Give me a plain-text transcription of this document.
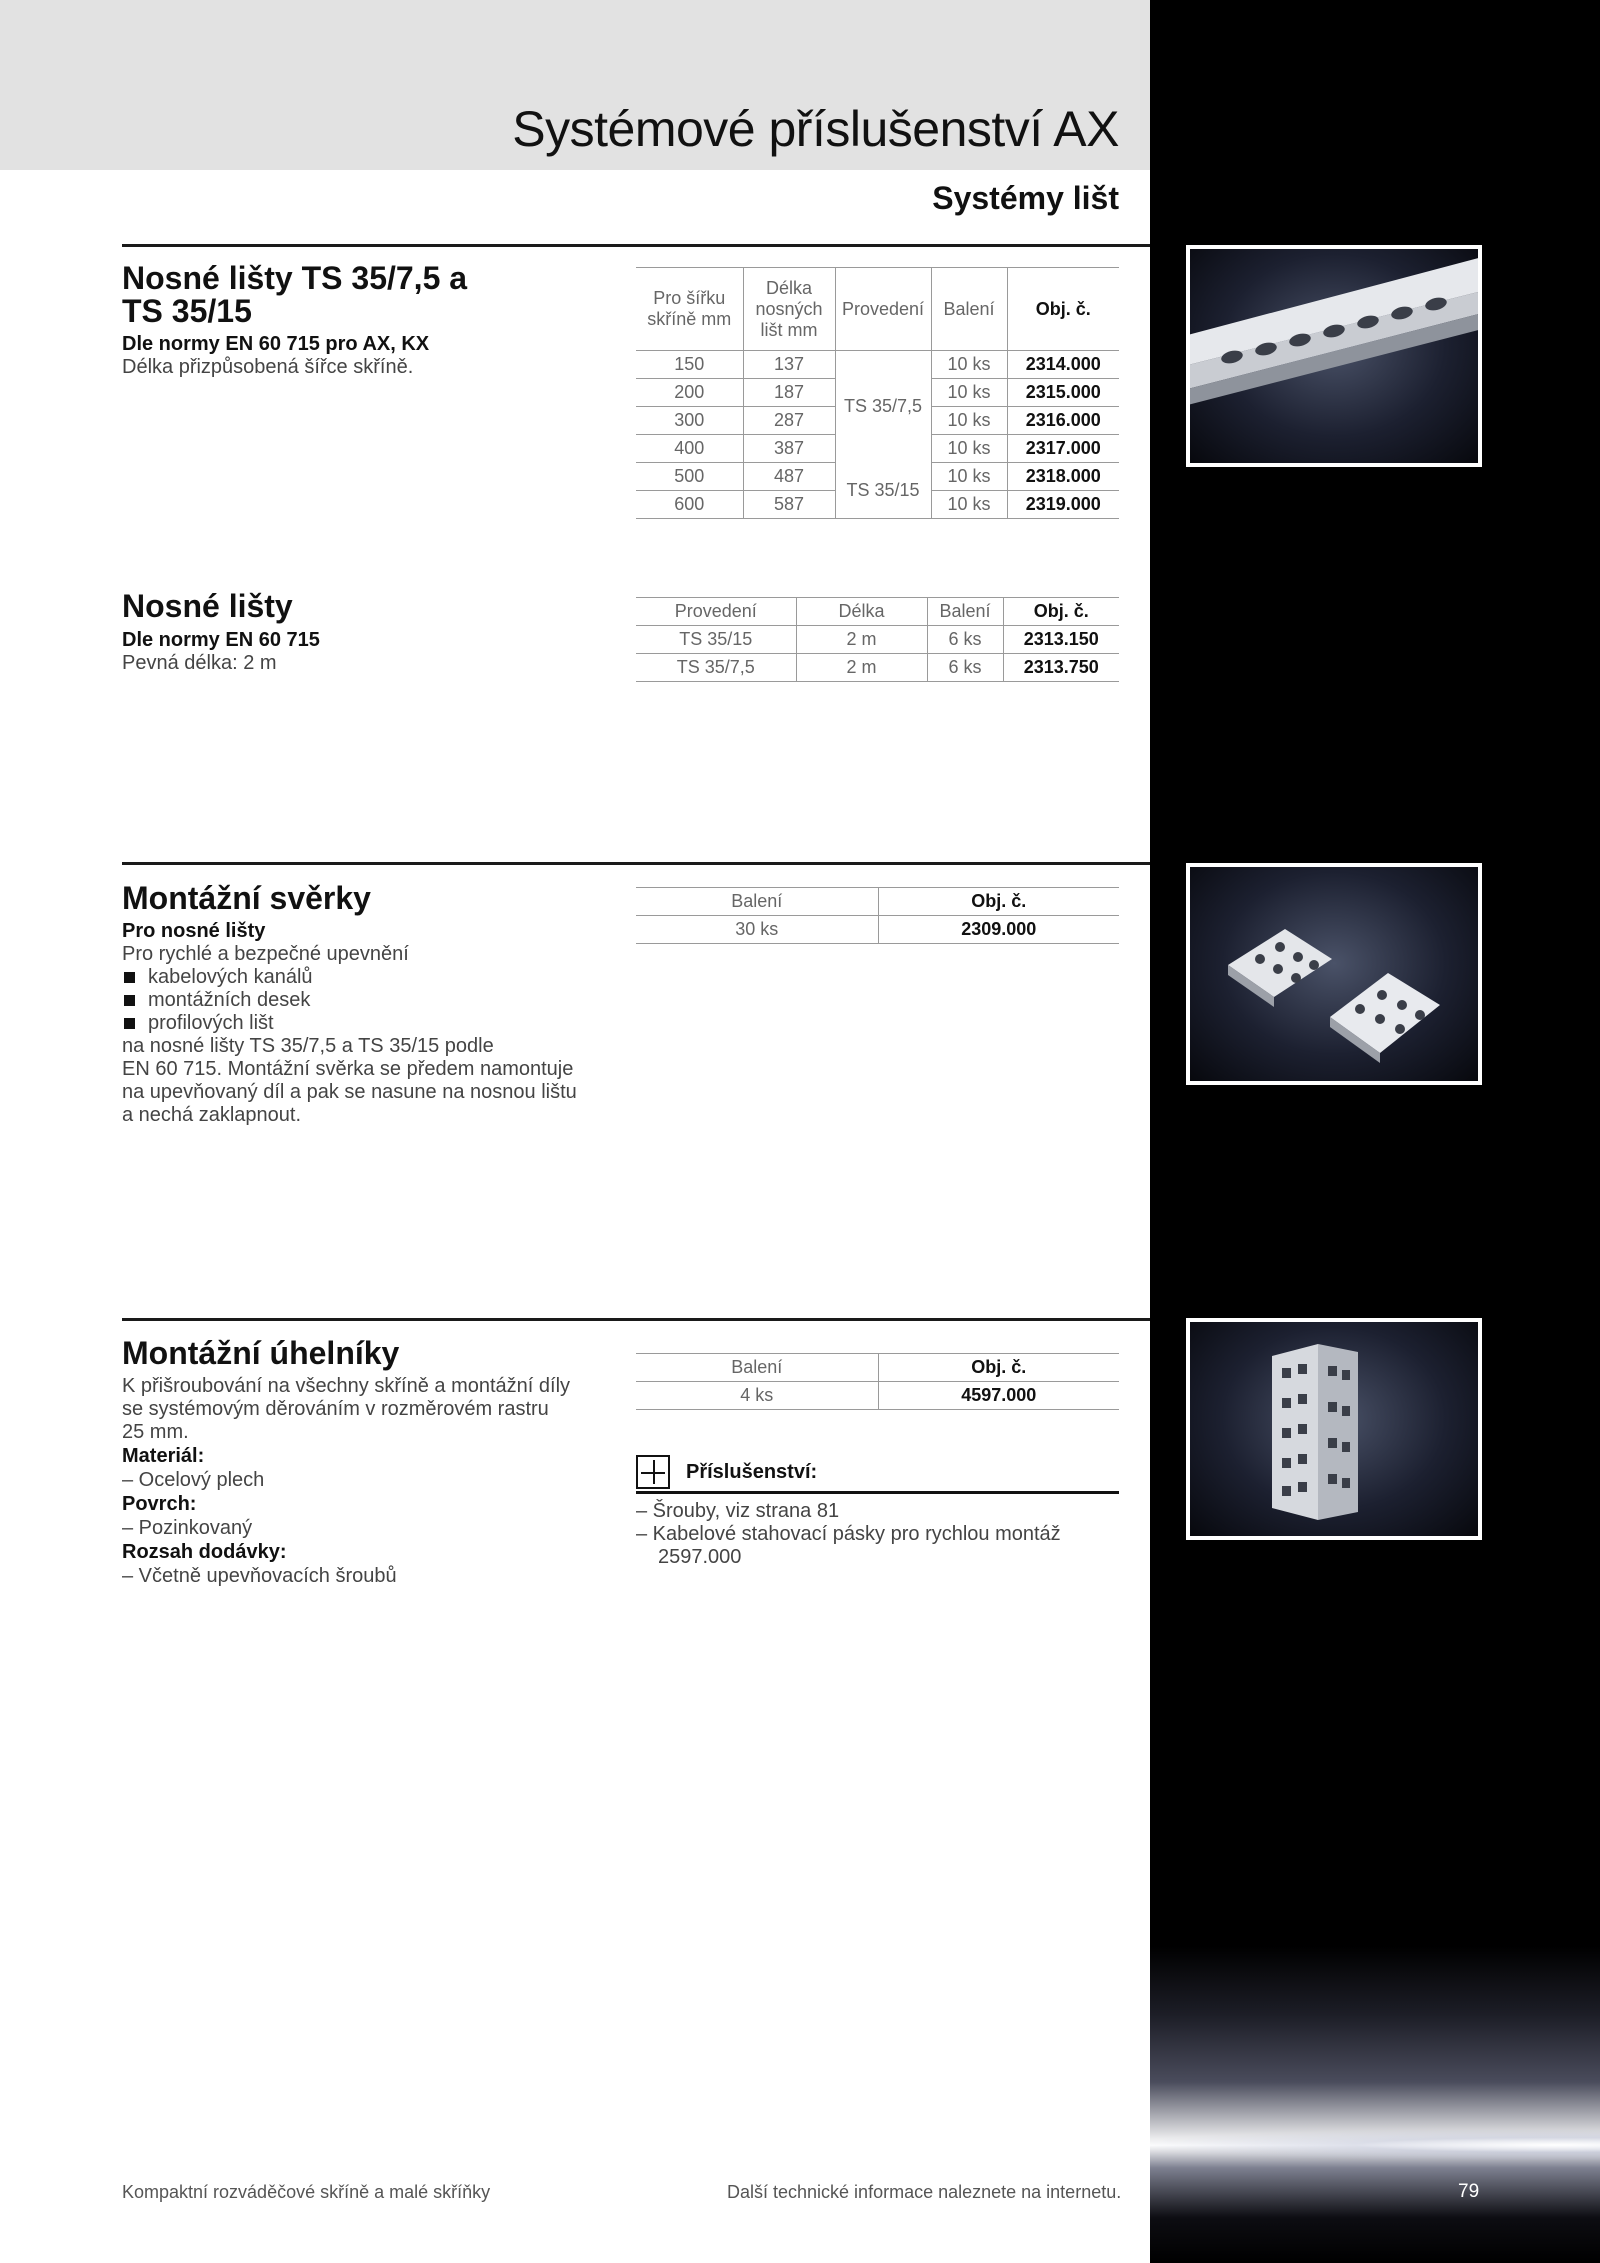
Systémové příslušenství AX
Systémy lišt
Nosné lišty TS 35/7,5 a
TS 35/15

Dle normy EN 60 715 pro AX, KX

Délka přizpůsobená šířce skříně.

Pro šířku skříně mm	Délka nosných lišt mm	Provedení	Balení	Obj. č.
150	137	TS 35/7,5	10 ks	2314.000
200	187		10 ks	2315.000
300	287		10 ks	2316.000
400	387		10 ks	2317.000
500	487	TS 35/15	10 ks	2318.000
600	587		10 ks	2319.000
Nosné lišty

Dle normy EN 60 715

Pevná délka: 2 m

Provedení	Délka	Balení	Obj. č.
TS 35/15	2 m	6 ks	2313.150
TS 35/7,5	2 m	6 ks	2313.750
Montážní svěrky

Pro nosné lišty

Pro rychlé a bezpečné upevnění

kabelových kanálů
montážních desek
profilových lišt

na nosné lišty TS 35/7,5 a TS 35/15 podle

EN 60 715. Montážní svěrka se předem namontuje

na upevňovaný díl a pak se nasune na nosnou lištu

a nechá zaklapnout.

Balení	Obj. č.
30 ks	2309.000
Montážní úhelníky

K přišroubování na všechny skříně a montážní díly

se systémovým děrováním v rozměrovém rastru

25 mm.

Materiál:

– Ocelový plech

Povrch:

– Pozinkovaný

Rozsah dodávky:

– Včetně upevňovacích šroubů

Balení	Obj. č.
4 ks	4597.000
Příslušenství:
– Šrouby, viz strana 81
– Kabelové stahovací pásky pro rychlou montáž 2597.000
Kompaktní rozváděčové skříně a malé skříňky	Další technické informace naleznete na internetu.	79
